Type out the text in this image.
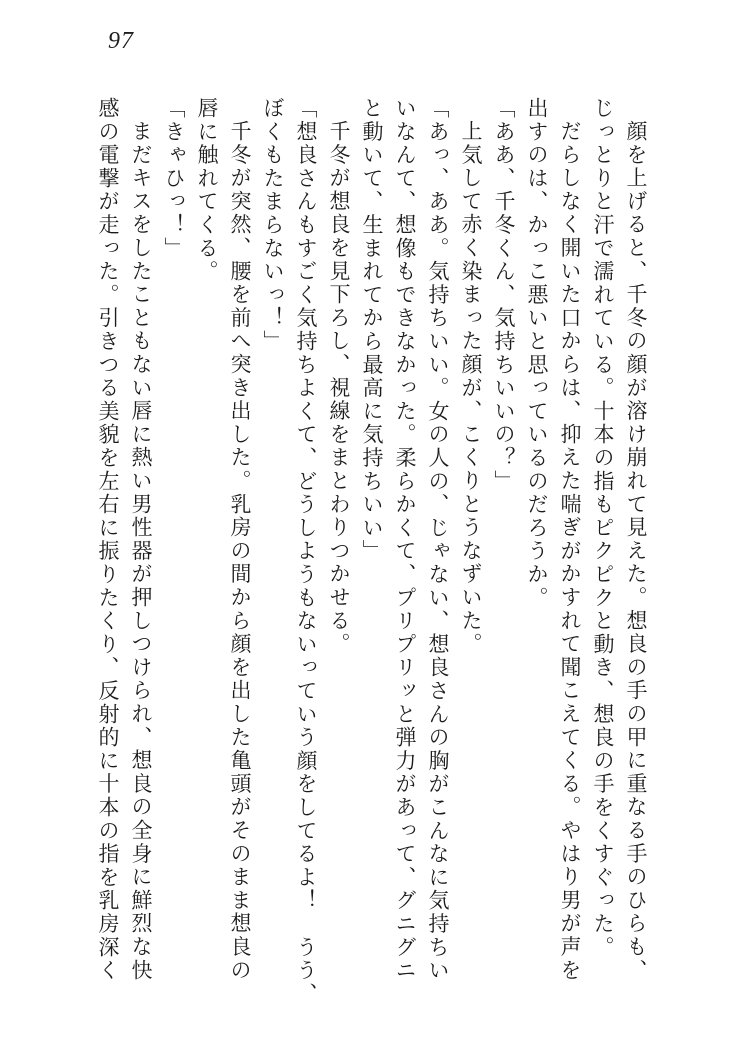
97

顔を上げると、千冬の顔が溶け崩れて見えた。想良の手の甲に重なる手のひらも、

じっとりと汗で濡れている。十本の指もピクピクと動き、想良の手をくすぐった。

だらしなく開いた口からは、抑えた喘ぎがかすれて聞こえてくる。やはり男が声を

出すのは、かっこ悪いと思っているのだろうか。

「ああ、千冬くん、気持ちいいの？」

上気して赤く染まった顔が、こくりとうなずいた。

「あっ、ああ。気持ちいい。女の人の、じゃない、想良さんの胸がこんなに気持ちい

いなんて、想像もできなかった。柔らかくて、プリプリッと弾力があって、グニグニ

と動いて、生まれてから最高に気持ちいい」

千冬が想良を見下ろし、視線をまとわりつかせる。

「想良さんもすごく気持ちよくて、どうしようもないっていう顔をしてるよ！　うう、

ぼくもたまらないっ！」

千冬が突然、腰を前へ突き出した。乳房の間から顔を出した亀頭がそのまま想良の

唇に触れてくる。

「きゃひっ！」

まだキスをしたこともない唇に熱い男性器が押しつけられ、想良の全身に鮮烈な快

感の電撃が走った。引きつる美貌を左右に振りたくり、反射的に十本の指を乳房深く
